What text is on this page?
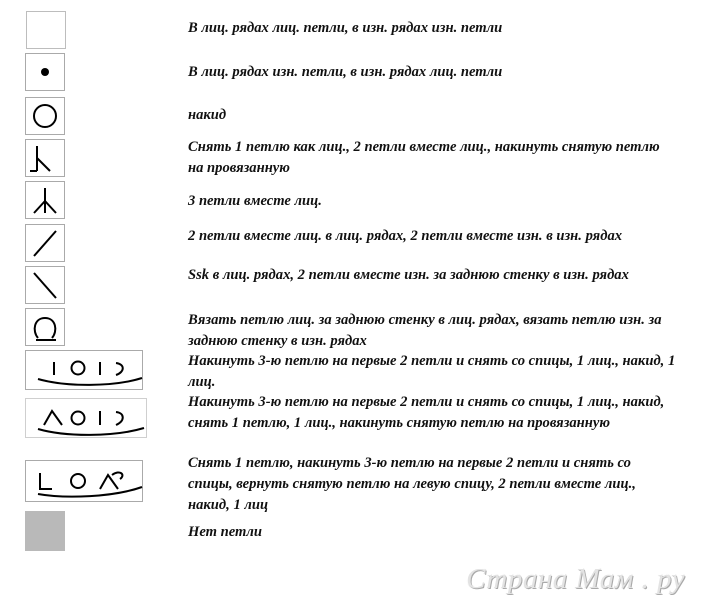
В лиц. рядах лиц. петли, в изн. рядах изн. петли
В лиц. рядах изн. петли, в изн. рядах лиц. петли
накид
Снять 1 петлю как лиц., 2 петли вместе лиц., накинуть снятую петлю на провязанную
3 петли вместе лиц.
2 петли вместе лиц. в лиц. рядах, 2 петли вместе изн. в изн. рядах
Ssk в лиц. рядах, 2 петли вместе изн. за заднюю стенку в изн. рядах
Вязать петлю лиц. за заднюю стенку в лиц. рядах, вязать петлю изн. за заднюю стенку в изн. рядах
Накинуть 3-ю петлю на первые 2 петли и снять со спицы, 1 лиц., накид, 1 лиц.
Накинуть 3-ю петлю на первые 2 петли и снять со спицы, 1 лиц., накид, снять 1 петлю, 1 лиц., накинуть снятую петлю на провязанную
Снять 1 петлю, накинуть 3-ю петлю на первые 2 петли и снять со спицы, вернуть снятую петлю на левую спицу, 2 петли вместе лиц., накид, 1 лиц
Нет петли
Страна Мам . ру
